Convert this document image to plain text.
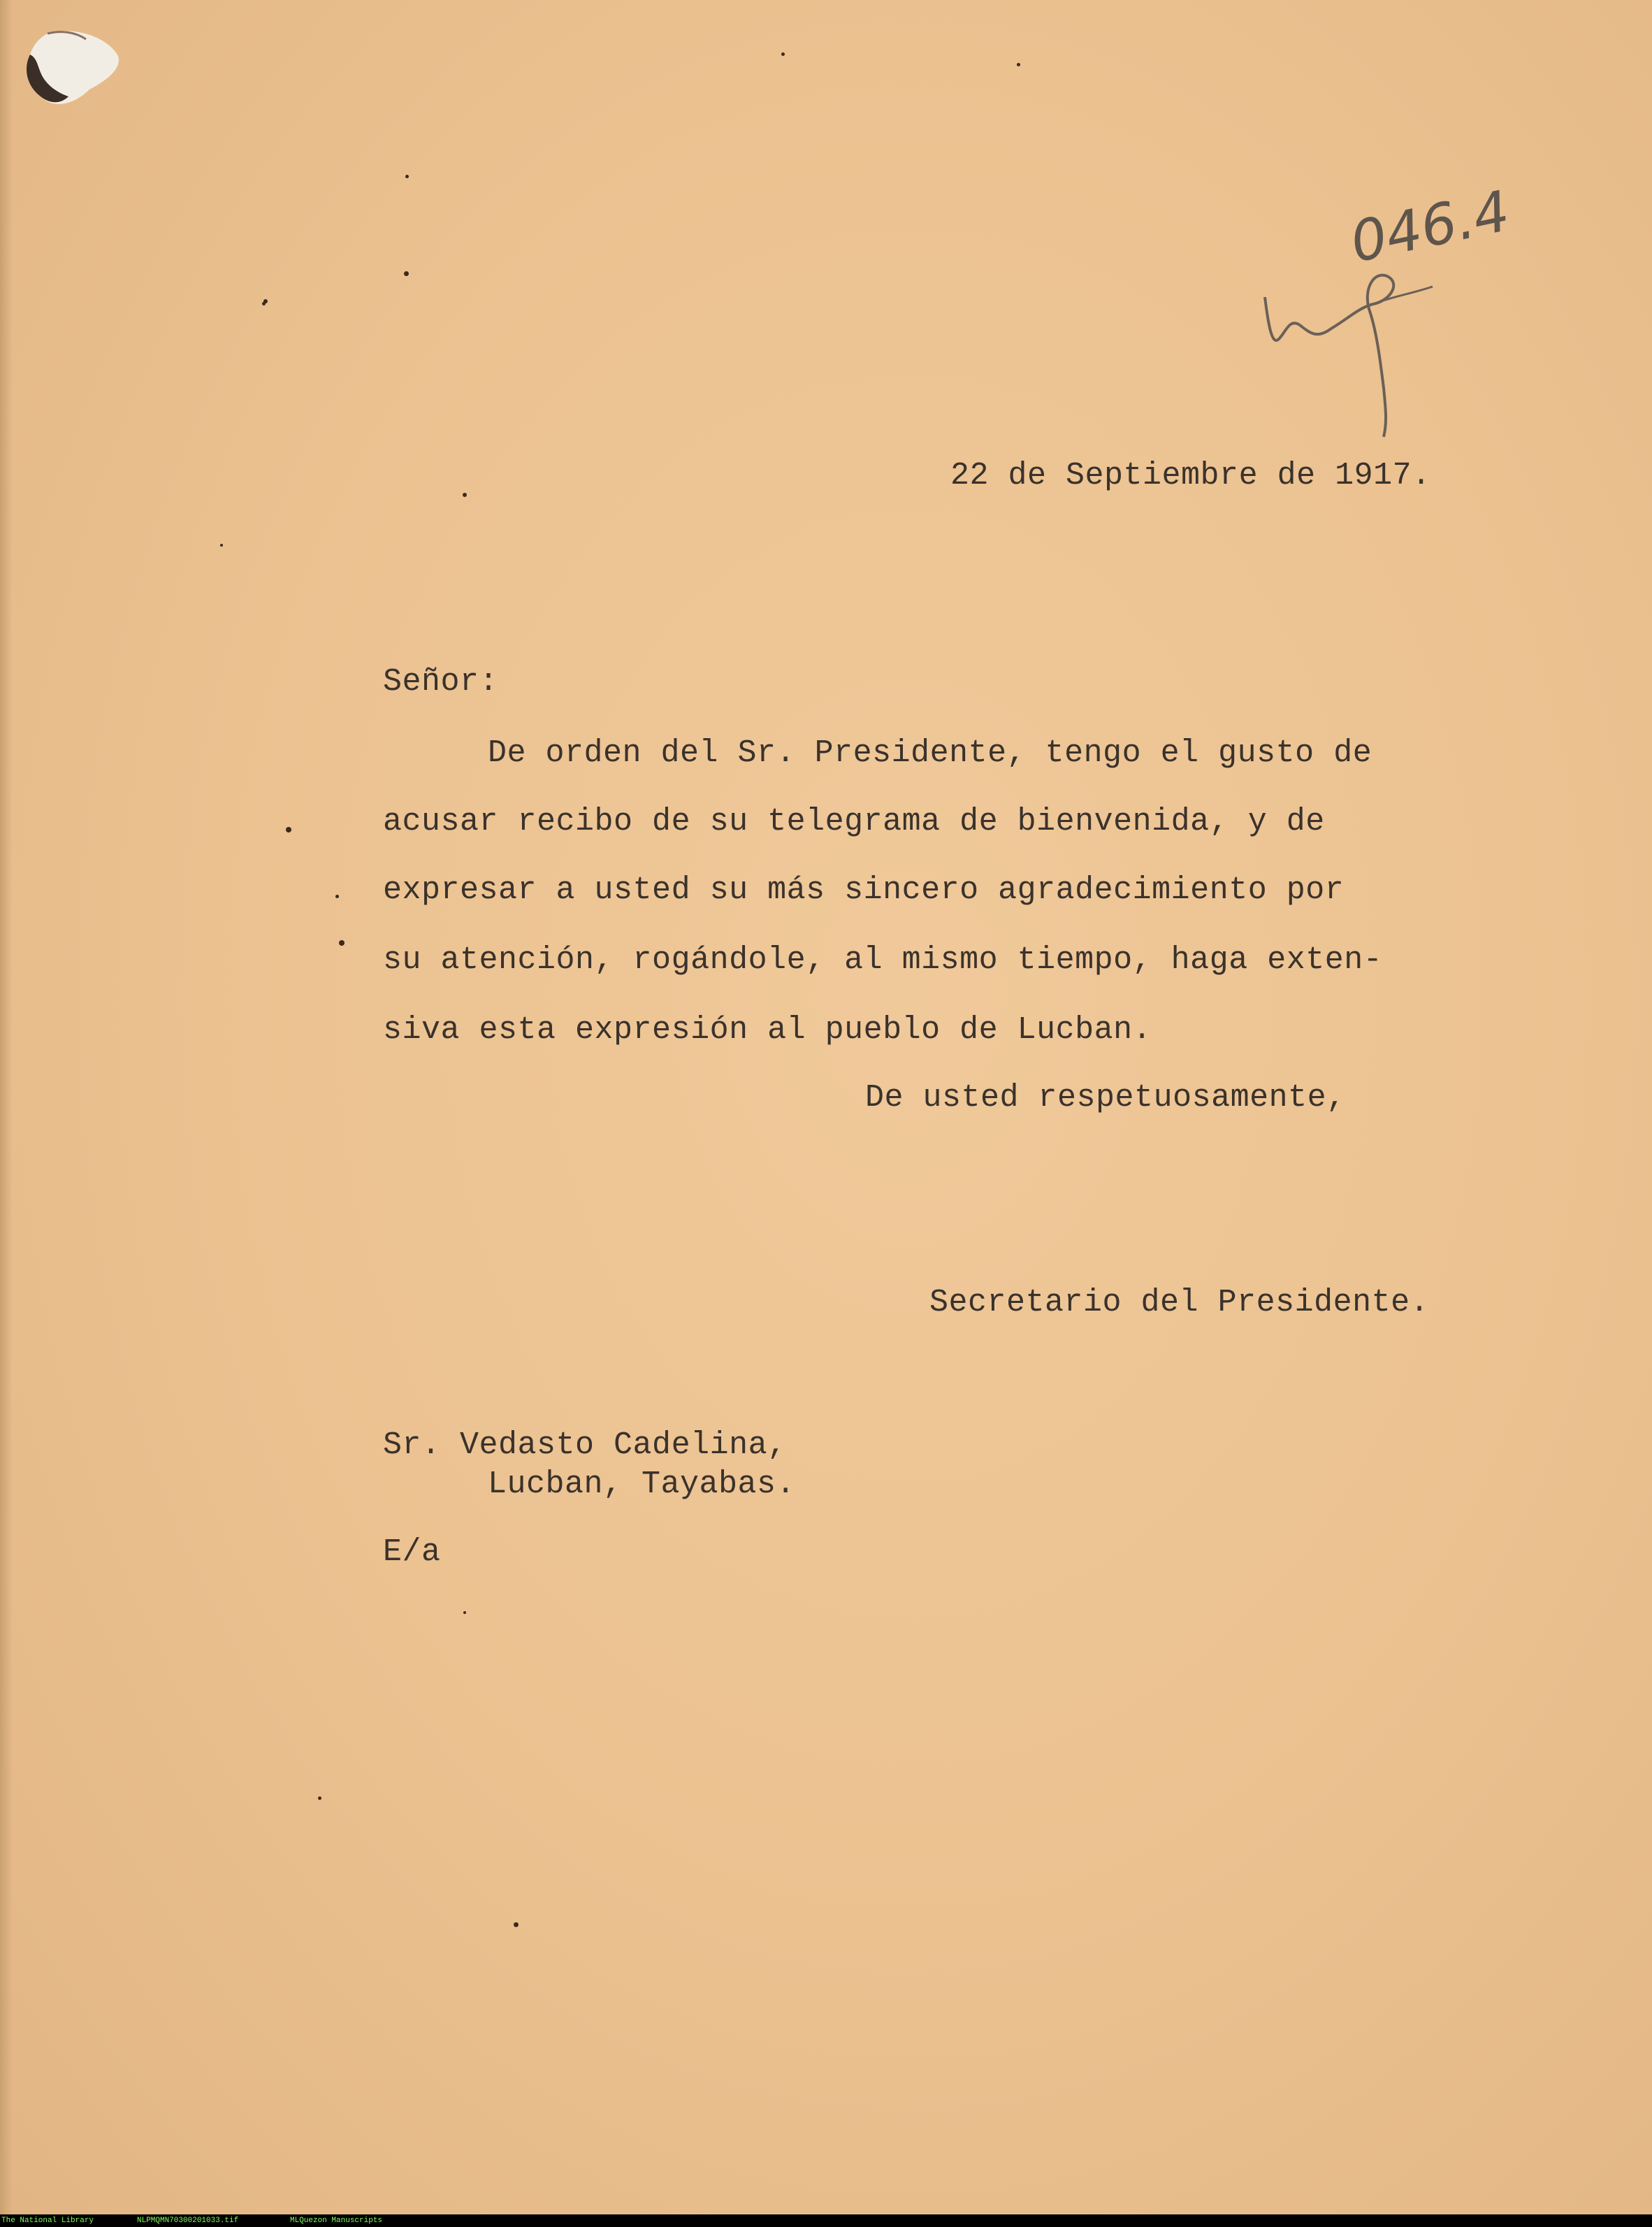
046.4
22 de Septiembre de 1917.
Señor:
De orden del Sr. Presidente, tengo el gusto de
acusar recibo de su telegrama de bienvenida, y de
expresar a usted su más sincero agradecimiento por
su atención, rogándole, al mismo tiempo, haga exten-
siva esta expresión al pueblo de Lucban.
De usted respetuosamente,
Secretario del Presidente.
Sr. Vedasto Cadelina,
Lucban, Tayabas.
E/a
The National Library	NLPMQMN70300201033.tif	MLQuezon Manuscripts
